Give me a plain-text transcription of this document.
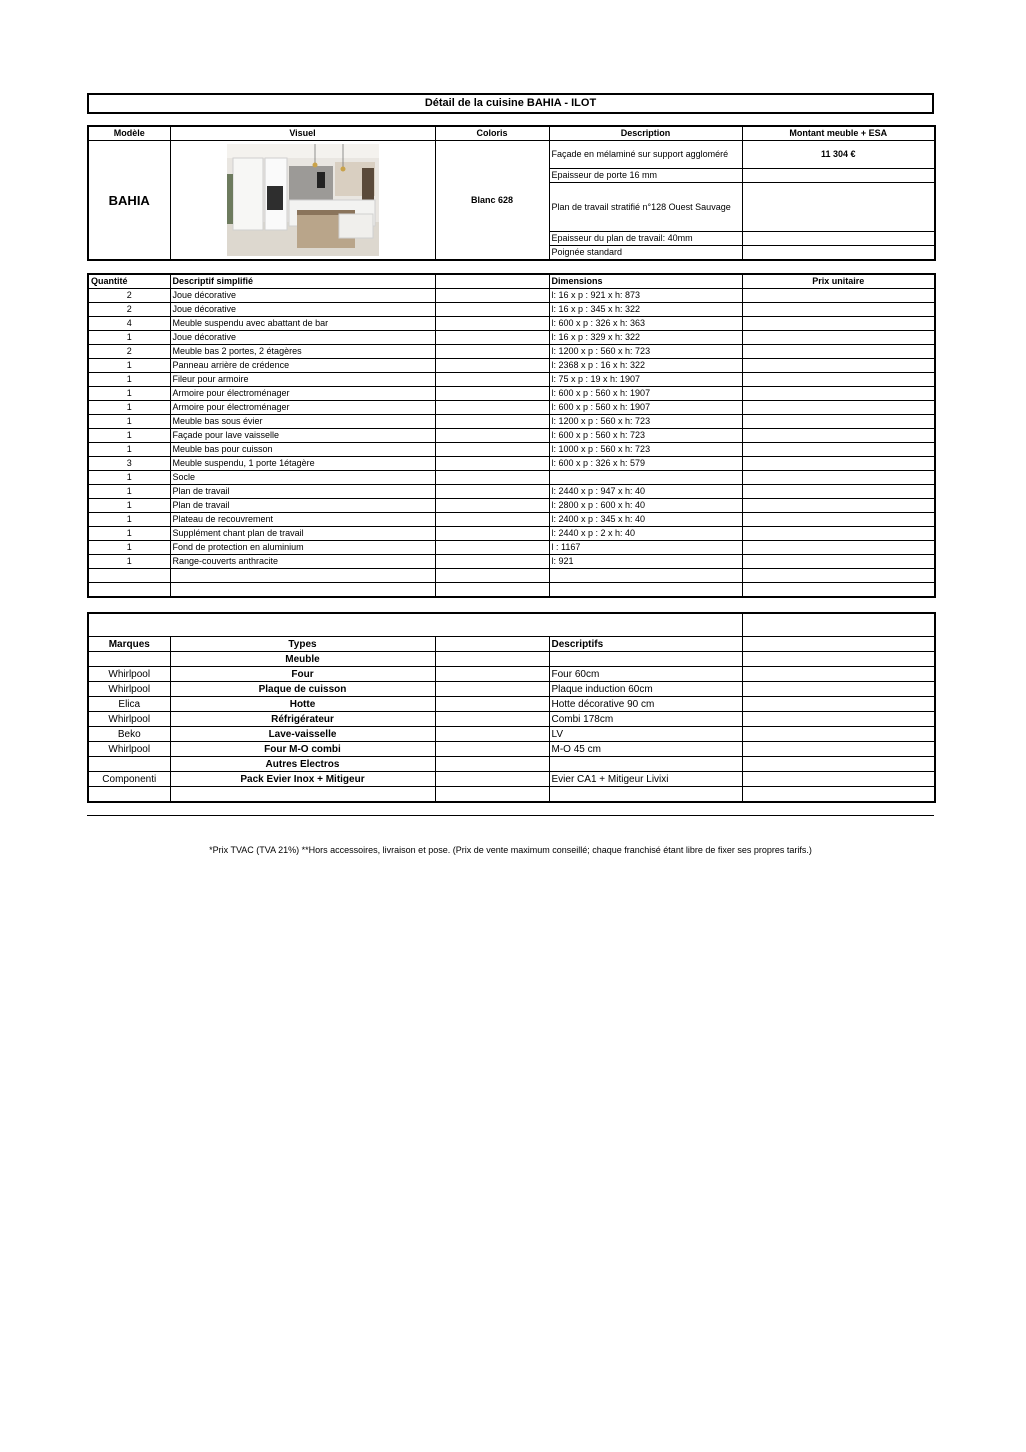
Détail de la cuisine BAHIA - ILOT
Modèle	Visuel	Coloris	Description	Montant meuble + ESA
BAHIA		Blanc 628	Façade en mélaminé sur support aggloméré	11 304 €
			Epaisseur de porte 16 mm	
			Plan de travail stratifié n°128 Ouest Sauvage	
			Epaisseur du plan de travail: 40mm	
			Poignée standard	
Quantité	Descriptif simplifié		Dimensions	Prix unitaire
2	Joue décorative		l: 16 x p : 921 x h: 873	
2	Joue décorative		l: 16 x p : 345 x h: 322	
4	Meuble suspendu avec abattant de bar		l: 600 x p : 326 x h: 363	
1	Joue décorative		l: 16 x p : 329 x h: 322	
2	Meuble bas 2 portes, 2 étagères		l: 1200 x p : 560 x h: 723	
1	Panneau arrière de crédence		l: 2368 x p : 16 x h: 322	
1	Fileur pour armoire		l: 75 x p : 19 x h: 1907	
1	Armoire pour électroménager		l: 600 x p : 560 x h: 1907	
1	Armoire pour électroménager		l: 600 x p : 560 x h: 1907	
1	Meuble bas sous évier		l: 1200 x p : 560 x h: 723	
1	Façade pour lave vaisselle		l: 600 x p : 560 x h: 723	
1	Meuble bas pour cuisson		l: 1000 x p : 560 x h: 723	
3	Meuble suspendu, 1 porte 1étagère		l: 600 x p : 326 x h: 579	
1	Socle			
1	Plan de travail		l: 2440 x p : 947 x h: 40	
1	Plan de travail		l: 2800 x p : 600 x h: 40	
1	Plateau de recouvrement		l: 2400 x p : 345 x h: 40	
1	Supplément chant plan de travail		l: 2440 x p : 2 x h: 40	
1	Fond de protection en aluminium		l : 1167	
1	Range-couverts anthracite		l: 921	

Marques	Types		Descriptifs	
	Meuble			
Whirlpool	Four		Four 60cm	
Whirlpool	Plaque de cuisson		Plaque induction 60cm	
Elica	Hotte		Hotte décorative 90 cm	
Whirlpool	Réfrigérateur		Combi 178cm	
Beko	Lave-vaisselle		LV	
Whirlpool	Four M-O combi		M-O 45 cm	
	Autres Electros			
Componenti	Pack Evier Inox + Mitigeur		Evier CA1 + Mitigeur Livixi	

*Prix TVAC (TVA 21%) **Hors accessoires, livraison et pose. (Prix de vente maximum conseillé; chaque franchisé étant libre de fixer ses propres tarifs.)
